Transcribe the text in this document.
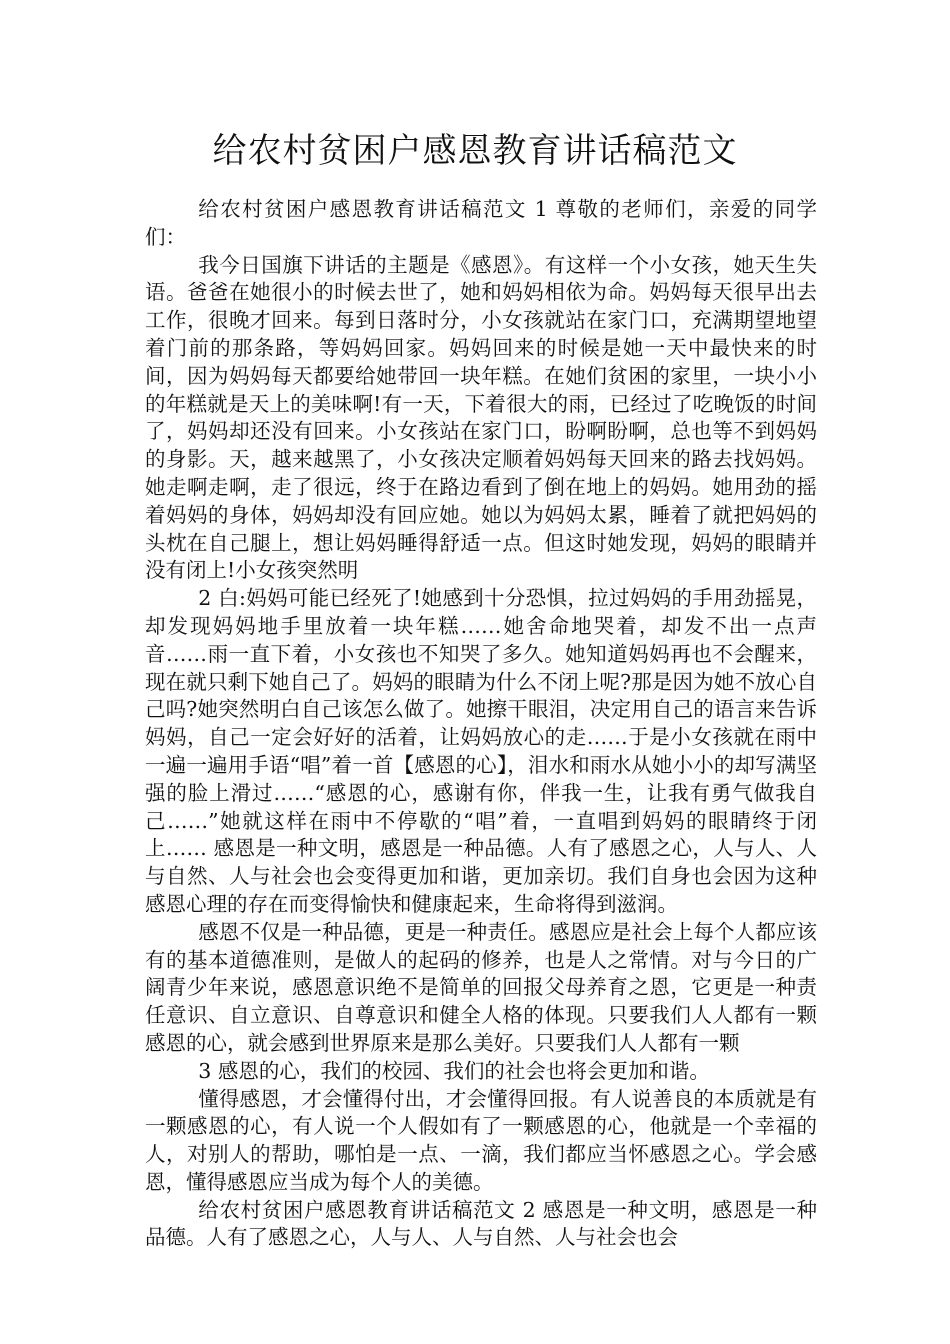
给农村贫困户感恩教育讲话稿范文

给农村贫困户感恩教育讲话稿范文 1 尊敬的老师们，亲爱的同学们：

我今日国旗下讲话的主题是《感恩》。有这样一个小女孩，她天生失语。爸爸在她很小的时候去世了，她和妈妈相依为命。妈妈每天很早出去工作，很晚才回来。每到日落时分，小女孩就站在家门口，充满期望地望着门前的那条路，等妈妈回家。妈妈回来的时候是她一天中最快来的时间，因为妈妈每天都要给她带回一块年糕。在她们贫困的家里，一块小小的年糕就是天上的美味啊!有一天，下着很大的雨，已经过了吃晚饭的时间了，妈妈却还没有回来。小女孩站在家门口，盼啊盼啊，总也等不到妈妈的身影。天，越来越黑了，小女孩决定顺着妈妈每天回来的路去找妈妈。她走啊走啊，走了很远，终于在路边看到了倒在地上的妈妈。她用劲的摇着妈妈的身体，妈妈却没有回应她。她以为妈妈太累，睡着了就把妈妈的头枕在自己腿上，想让妈妈睡得舒适一点。但这时她发现，妈妈的眼睛并没有闭上!小女孩突然明

2 白:妈妈可能已经死了!她感到十分恐惧，拉过妈妈的手用劲摇晃，却发现妈妈地手里放着一块年糕……她舍命地哭着，却发不出一点声音……雨一直下着，小女孩也不知哭了多久。她知道妈妈再也不会醒来，现在就只剩下她自己了。妈妈的眼睛为什么不闭上呢?那是因为她不放心自己吗?她突然明白自己该怎么做了。她擦干眼泪，决定用自己的语言来告诉妈妈，自己一定会好好的活着，让妈妈放心的走……于是小女孩就在雨中一遍一遍用手语“唱”着一首【感恩的心】，泪水和雨水从她小小的却写满坚强的脸上滑过……“感恩的心，感谢有你，伴我一生，让我有勇气做我自己……”她就这样在雨中不停歇的“唱”着，一直唱到妈妈的眼睛终于闭上…… 感恩是一种文明，感恩是一种品德。人有了感恩之心，人与人、人与自然、人与社会也会变得更加和谐，更加亲切。我们自身也会因为这种感恩心理的存在而变得愉快和健康起来，生命将得到滋润。

感恩不仅是一种品德，更是一种责任。感恩应是社会上每个人都应该有的基本道德准则，是做人的起码的修养，也是人之常情。对与今日的广阔青少年来说，感恩意识绝不是简单的回报父母养育之恩，它更是一种责任意识、自立意识、自尊意识和健全人格的体现。只要我们人人都有一颗感恩的心，就会感到世界原来是那么美好。只要我们人人都有一颗

3 感恩的心，我们的校园、我们的社会也将会更加和谐。

懂得感恩，才会懂得付出，才会懂得回报。有人说善良的本质就是有一颗感恩的心，有人说一个人假如有了一颗感恩的心，他就是一个幸福的人，对别人的帮助，哪怕是一点、一滴，我们都应当怀感恩之心。学会感恩，懂得感恩应当成为每个人的美德。

给农村贫困户感恩教育讲话稿范文 2 感恩是一种文明，感恩是一种品德。人有了感恩之心，人与人、人与自然、人与社会也会
